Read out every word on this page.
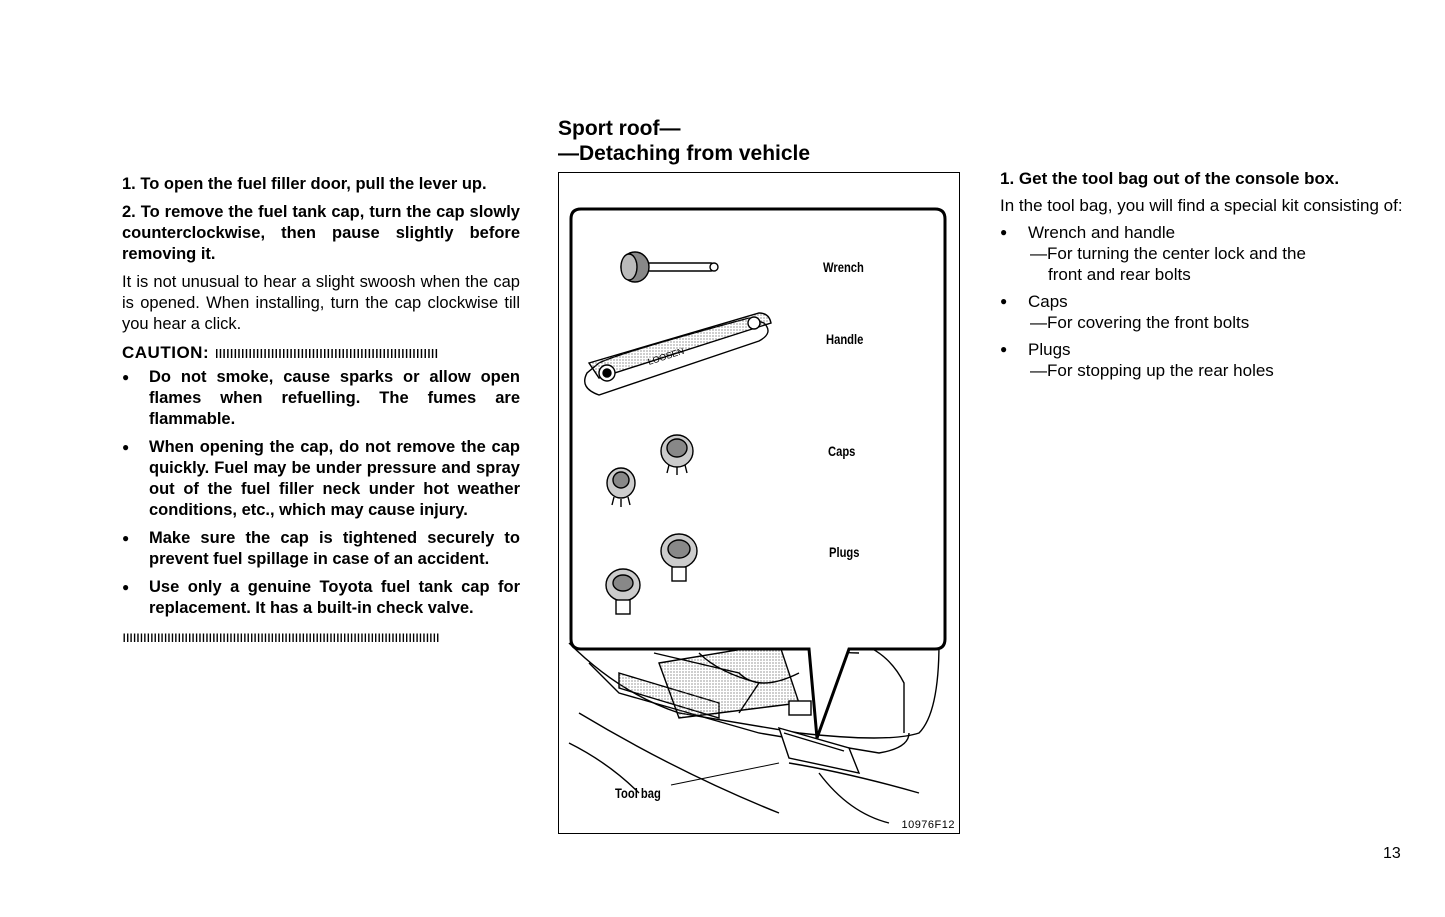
1. To open the fuel filler door, pull the lever up.

2. To remove the fuel tank cap, turn the cap slowly counterclockwise, then pause slightly before removing it.

It is not unusual to hear a slight swoosh when the cap is opened. When installing, turn the cap clockwise till you hear a click.

CAUTION: ıııııııııııııııııııııııııııııııııııııııııııııııııııııııııııı
● Do not smoke, cause sparks or allow open flames when refuelling. The fumes are flammable.
● When opening the cap, do not remove the cap quickly. Fuel may be under pressure and spray out of the fuel filler neck under hot weather conditions, etc., which may cause injury.
● Make sure the cap is tightened securely to prevent fuel spillage in case of an accident.
● Use only a genuine Toyota fuel tank cap for replacement. It has a built-in check valve.
ıııııııııııııııııııııııııııııııııııııııııııııııııııııııııııııııııııııııııııııııııııııııııııı
Sport roof—
—Detaching from vehicle
LOOSEN
Wrench
Handle
Caps
Plugs
Tool bag
10976F12

1. Get the tool bag out of the console box.

In the tool bag, you will find a special kit consisting of:

● Wrench and handle
—For turning the center lock and the
front and rear bolts
● Caps
—For covering the front bolts
● Plugs
—For stopping up the rear holes
13
